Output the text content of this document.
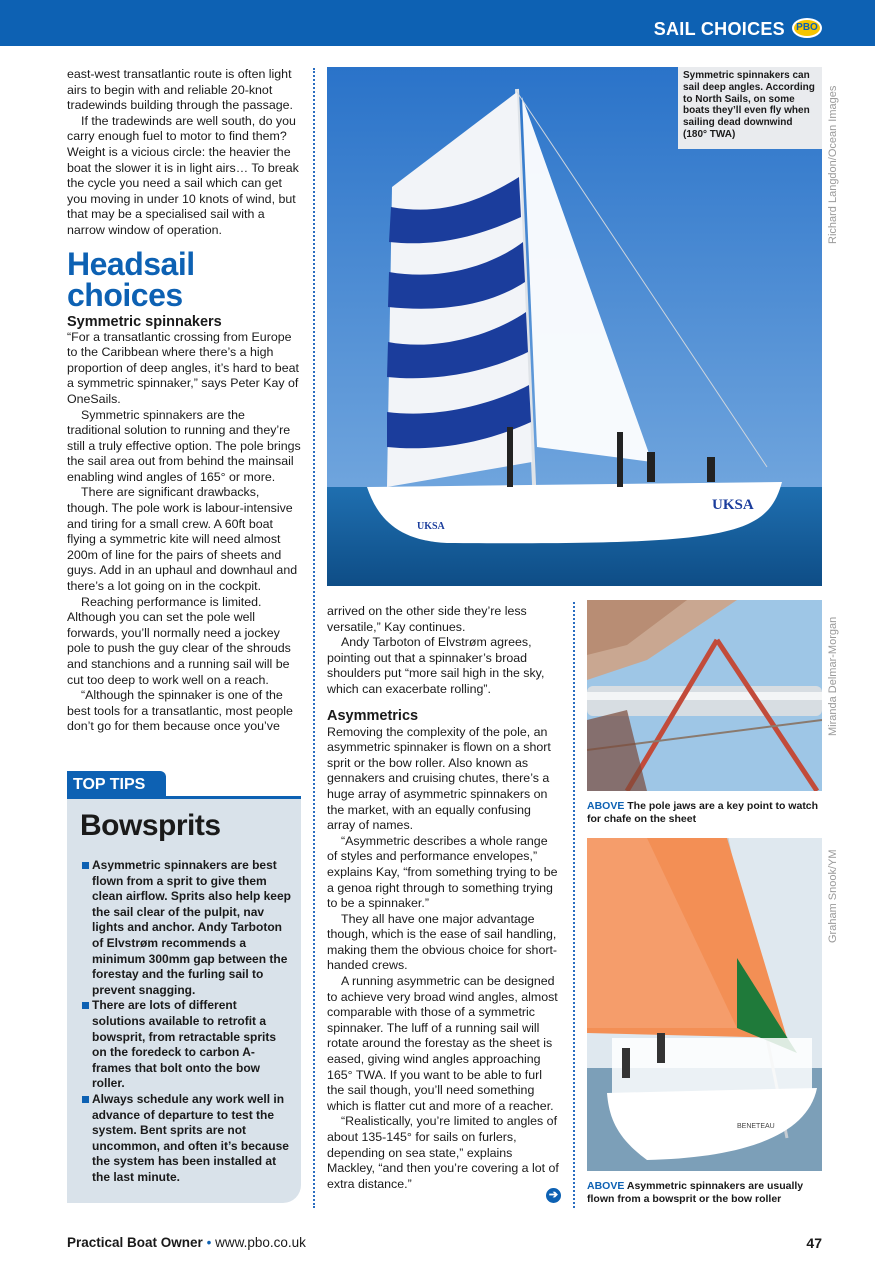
SAIL CHOICES	PBO

east-west transatlantic route is often light airs to begin with and reliable 20-knot tradewinds building through the passage.

If the tradewinds are well south, do you carry enough fuel to motor to find them? Weight is a vicious circle: the heavier the boat the slower it is in light airs… To break the cycle you need a sail which can get you moving in under 10 knots of wind, but that may be a specialised sail with a narrow window of operation.

Headsail
choices
Symmetric spinnakers

“For a transatlantic crossing from Europe to the Caribbean where there’s a high proportion of deep angles, it’s hard to beat a symmetric spinnaker,” says Peter Kay of OneSails.

Symmetric spinnakers are the traditional solution to running and they’re still a truly effective option. The pole brings the sail area out from behind the mainsail enabling wind angles of 165° or more.

There are significant drawbacks, though. The pole work is labour-intensive and tiring for a small crew. A 60ft boat flying a symmetric kite will need almost 200m of line for the pairs of sheets and guys. Add in an uphaul and downhaul and there’s a lot going on in the cockpit.

Reaching performance is limited. Although you can set the pole well forwards, you’ll normally need a jockey pole to push the guy clear of the shrouds and stanchions and a running sail will be cut too deep to work well on a reach.

“Although the spinnaker is one of the best tools for a transatlantic, most people don’t go for them because once you’ve

UKSA
UKSA
Symmetric spinnakers can sail deep angles. According to North Sails, on some boats they’ll even fly when sailing dead downwind (180° TWA)	Richard Langdon/Ocean Images
Miranda Delmar-Morgan
ABOVE The pole jaws are a key point to watch for chafe on the sheet
BENETEAU
Graham Snook/YM
ABOVE Asymmetric spinnakers are usually flown from a bowsprit or the bow roller

arrived on the other side they’re less versatile,” Kay continues.

Andy Tarboton of Elvstrøm agrees, pointing out that a spinnaker’s broad shoulders put “more sail high in the sky, which can exacerbate rolling”.

Asymmetrics

Removing the complexity of the pole, an asymmetric spinnaker is flown on a short sprit or the bow roller. Also known as gennakers and cruising chutes, there’s a huge array of asymmetric spinnakers on the market, with an equally confusing array of names.

“Asymmetric describes a whole range of styles and performance envelopes,” explains Kay, “from something trying to be a genoa right through to something trying to be a spinnaker.”

They all have one major advantage though, which is the ease of sail handling, making them the obvious choice for short-handed crews.

A running asymmetric can be designed to achieve very broad wind angles, almost comparable with those of a symmetric spinnaker. The luff of a running sail will rotate around the forestay as the sheet is eased, giving wind angles approaching 165° TWA. If you want to be able to furl the sail though, you’ll need something which is flatter cut and more of a reacher.

“Realistically, you’re limited to angles of about 135-145° for sails on furlers, depending on sea state,” explains Mackley, “and then you’re covering a lot of extra distance.”

➔
TOP TIPS
Bowsprits
Asymmetric spinnakers are best flown from a sprit to give them clean airflow. Sprits also help keep the sail clear of the pulpit, nav lights and anchor. Andy Tarboton of Elvstrøm recommends a minimum 300mm gap between the forestay and the furling sail to prevent snagging.
There are lots of different solutions available to retrofit a bowsprit, from retractable sprits on the foredeck to carbon A-frames that bolt onto the bow roller.
Always schedule any work well in advance of departure to test the system. Bent sprits are not uncommon, and often it’s because the system has been installed at the last minute.
Practical Boat Owner • www.pbo.co.uk	47
